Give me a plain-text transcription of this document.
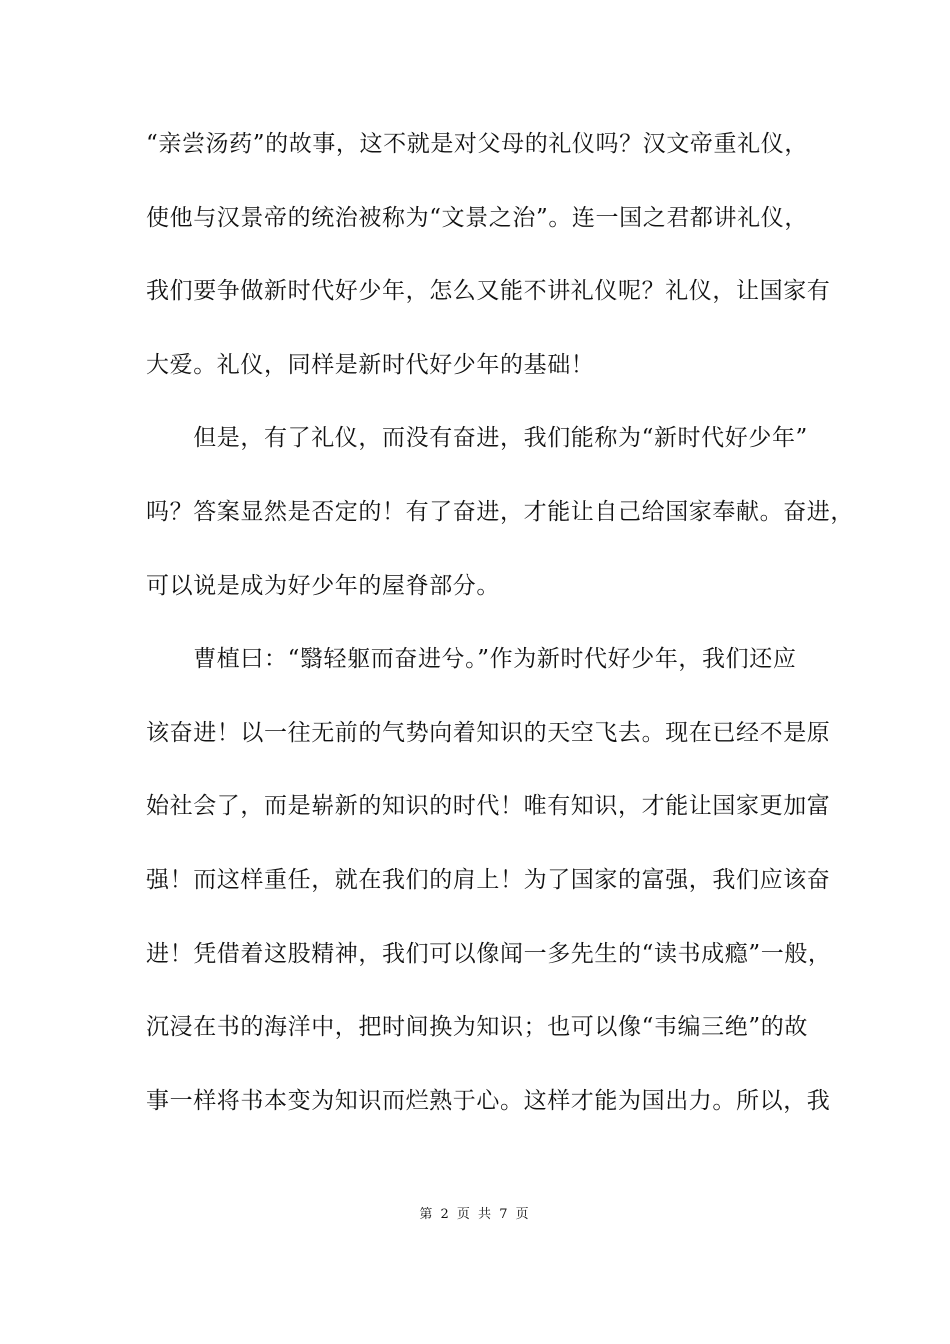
“亲尝汤药”的故事，这不就是对父母的礼仪吗？汉文帝重礼仪，
使他与汉景帝的统治被称为“文景之治”。连一国之君都讲礼仪，
我们要争做新时代好少年，怎么又能不讲礼仪呢？礼仪，让国家有
大爱。礼仪，同样是新时代好少年的基础！
　　但是，有了礼仪，而没有奋进，我们能称为“新时代好少年”
吗？答案显然是否定的！有了奋进，才能让自己给国家奉献。奋进，
可以说是成为好少年的屋脊部分。
　　曹植曰：“翳轻躯而奋进兮。”作为新时代好少年，我们还应
该奋进！以一往无前的气势向着知识的天空飞去。现在已经不是原
始社会了，而是崭新的知识的时代！唯有知识，才能让国家更加富
强！而这样重任，就在我们的肩上！为了国家的富强，我们应该奋
进！凭借着这股精神，我们可以像闻一多先生的“读书成瘾”一般，
沉浸在书的海洋中，把时间换为知识；也可以像“韦编三绝”的故
事一样将书本变为知识而烂熟于心。这样才能为国出力。所以，我
第 2 页 共 7 页
